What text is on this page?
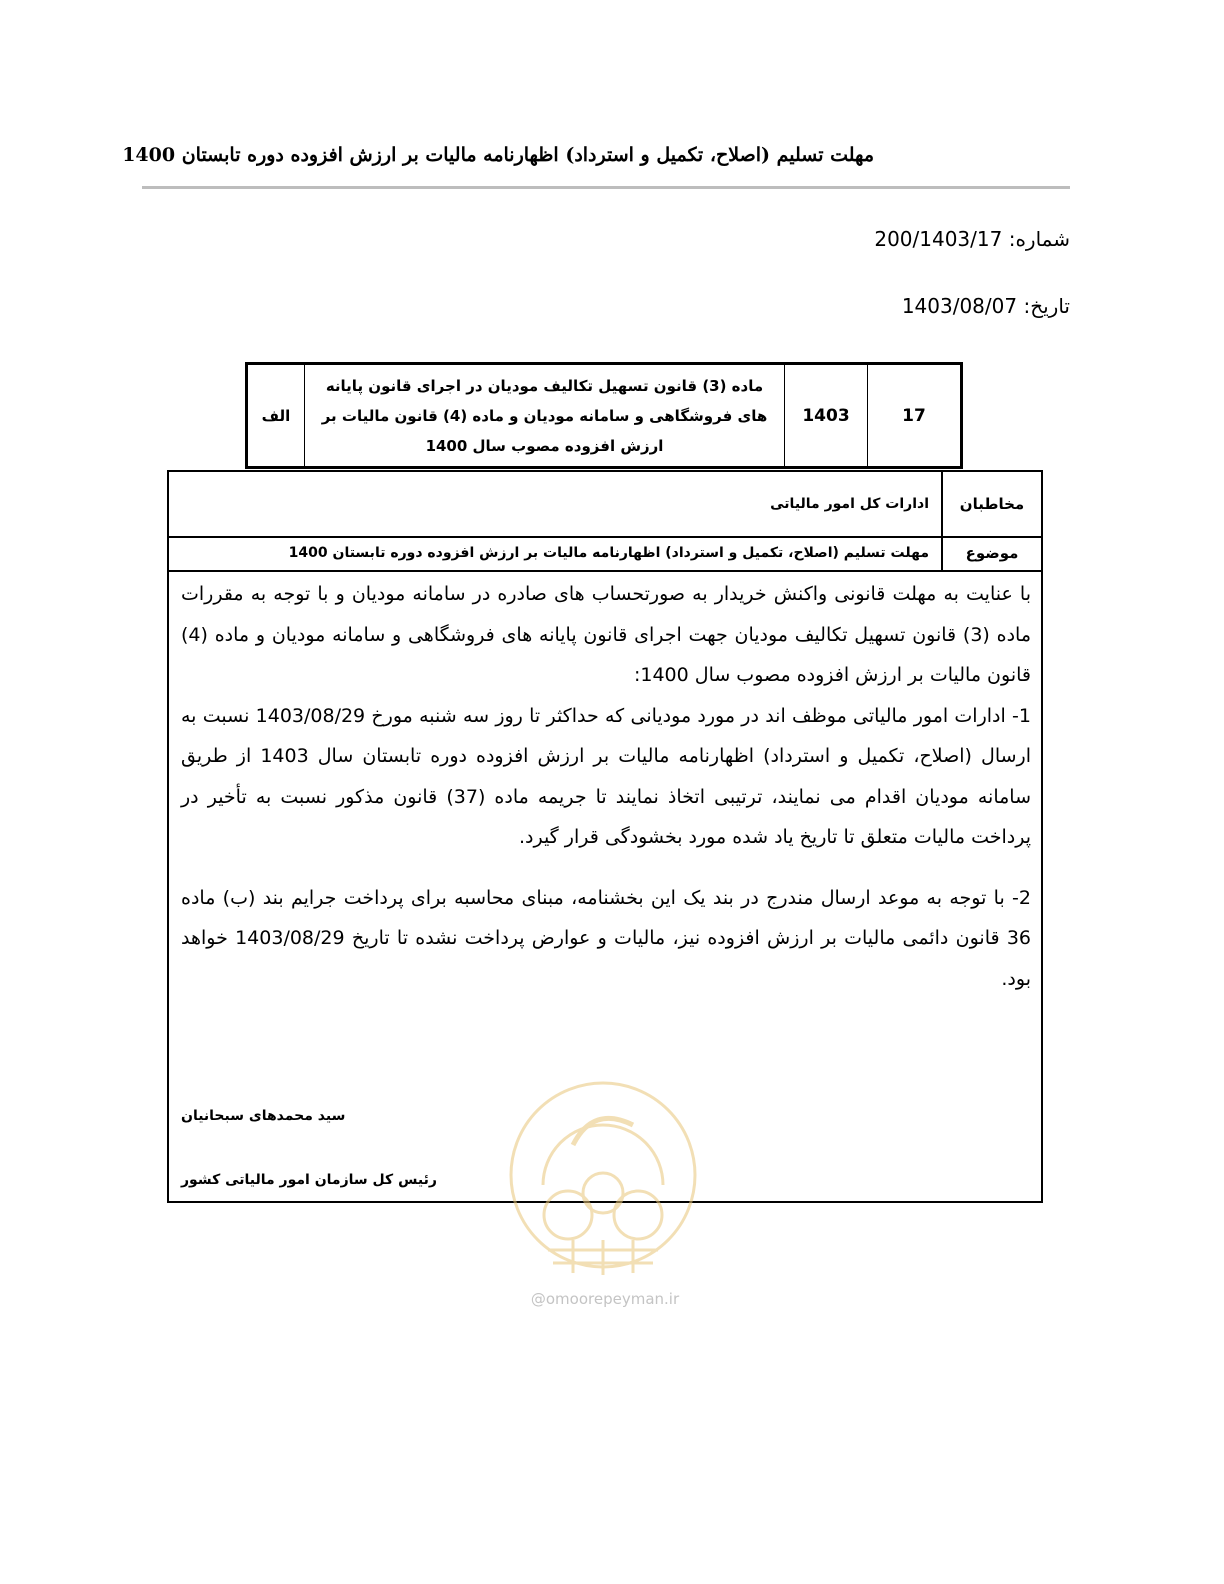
مهلت تسلیم (اصلاح، تکمیل و استرداد) اظهارنامه مالیات بر ارزش افزوده دوره تابستان 1400
شماره: 200/1403/17
تاریخ: 1403/08/07
17	1403	ماده (3) قانون تسهیل تکالیف مودیان در اجرای قانون پایانه های فروشگاهی و سامانه مودیان و ماده (4) قانون مالیات بر ارزش افزوده مصوب سال 1400	الف
مخاطبان
ادارات کل امور مالیاتی
موضوع
مهلت تسلیم (اصلاح، تکمیل و استرداد) اظهارنامه مالیات بر ارزش افزوده دوره تابستان 1400

با عنایت به مهلت قانونی واکنش خریدار به صورتحساب های صادره در سامانه مودیان و با توجه به مقررات ماده (3) قانون تسهیل تکالیف مودیان جهت اجرای قانون پایانه های فروشگاهی و سامانه مودیان و ماده (4) قانون مالیات بر ارزش افزوده مصوب سال 1400:

1- ادارات امور مالیاتی موظف اند در مورد مودیانی که حداکثر تا روز سه شنبه مورخ 1403/08/29 نسبت به ارسال (اصلاح، تکمیل و استرداد) اظهارنامه مالیات بر ارزش افزوده دوره تابستان سال 1403 از طریق سامانه مودیان اقدام می نمایند، ترتیبی اتخاذ نمایند تا جریمه ماده (37) قانون مذکور نسبت به تأخیر در پرداخت مالیات متعلق تا تاریخ یاد شده مورد بخشودگی قرار گیرد.

2- با توجه به موعد ارسال مندرج در بند یک این بخشنامه، مبنای محاسبه برای پرداخت جرایم بند (ب) ماده 36 قانون دائمی مالیات بر ارزش افزوده نیز، مالیات و عوارض پرداخت نشده تا تاریخ 1403/08/29 خواهد بود.

سید محمدهای سبحانیان
رئیس کل سازمان امور مالیاتی کشور
@omoorepeyman.ir
